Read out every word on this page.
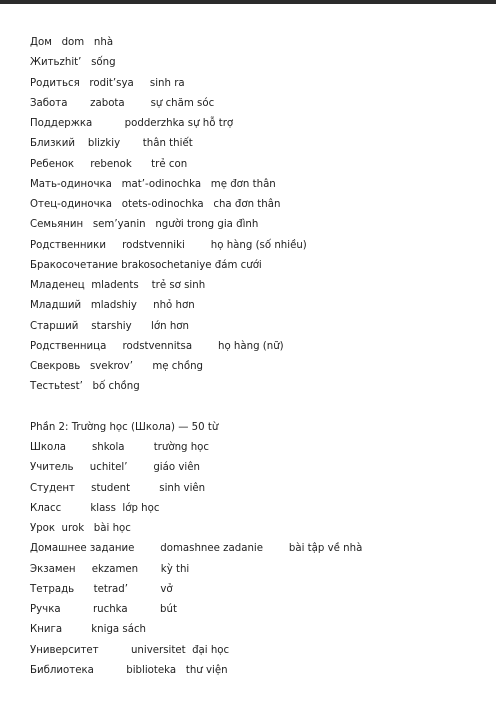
Дом   dom   nhà
Житьzhit’   sống
Родиться   rodit’sya     sinh ra
Забота       zabota        sự chăm sóc
Поддержка          podderzhka sự hỗ trợ
Близкий    blizkiy       thân thiết
Ребенок     rebenok      trẻ con
Мать-одиночка   mat’-odinochka   mẹ đơn thân
Отец-одиночка   otets-odinochka   cha đơn thân
Семьянин   sem’yanin   người trong gia đình
Родственники     rodstvenniki        họ hàng (số nhiều)
Бракосочетание brakosochetaniye đám cưới
Младенец  mladents    trẻ sơ sinh
Младший   mladshiy     nhỏ hơn
Старший    starshiy      lớn hơn
Родственница     rodstvennitsa        họ hàng (nữ)
Свекровь   svekrov’      mẹ chồng
Тестьtest’   bố chồng
Phần 2: Trường học (Школа) — 50 từ
Школа        shkola         trường học
Учитель     uchitel’        giáo viên
Студент     student         sinh viên
Класс         klass  lớp học
Урок  urok   bài học
Домашнее задание        domashnee zadanie        bài tập về nhà
Экзамен     ekzamen       kỳ thi
Тетрадь      tetrad’          vở
Ручка          ruchka          bút
Книга         kniga sách
Университет          universitet  đại học
Библиотека          biblioteka   thư viện
